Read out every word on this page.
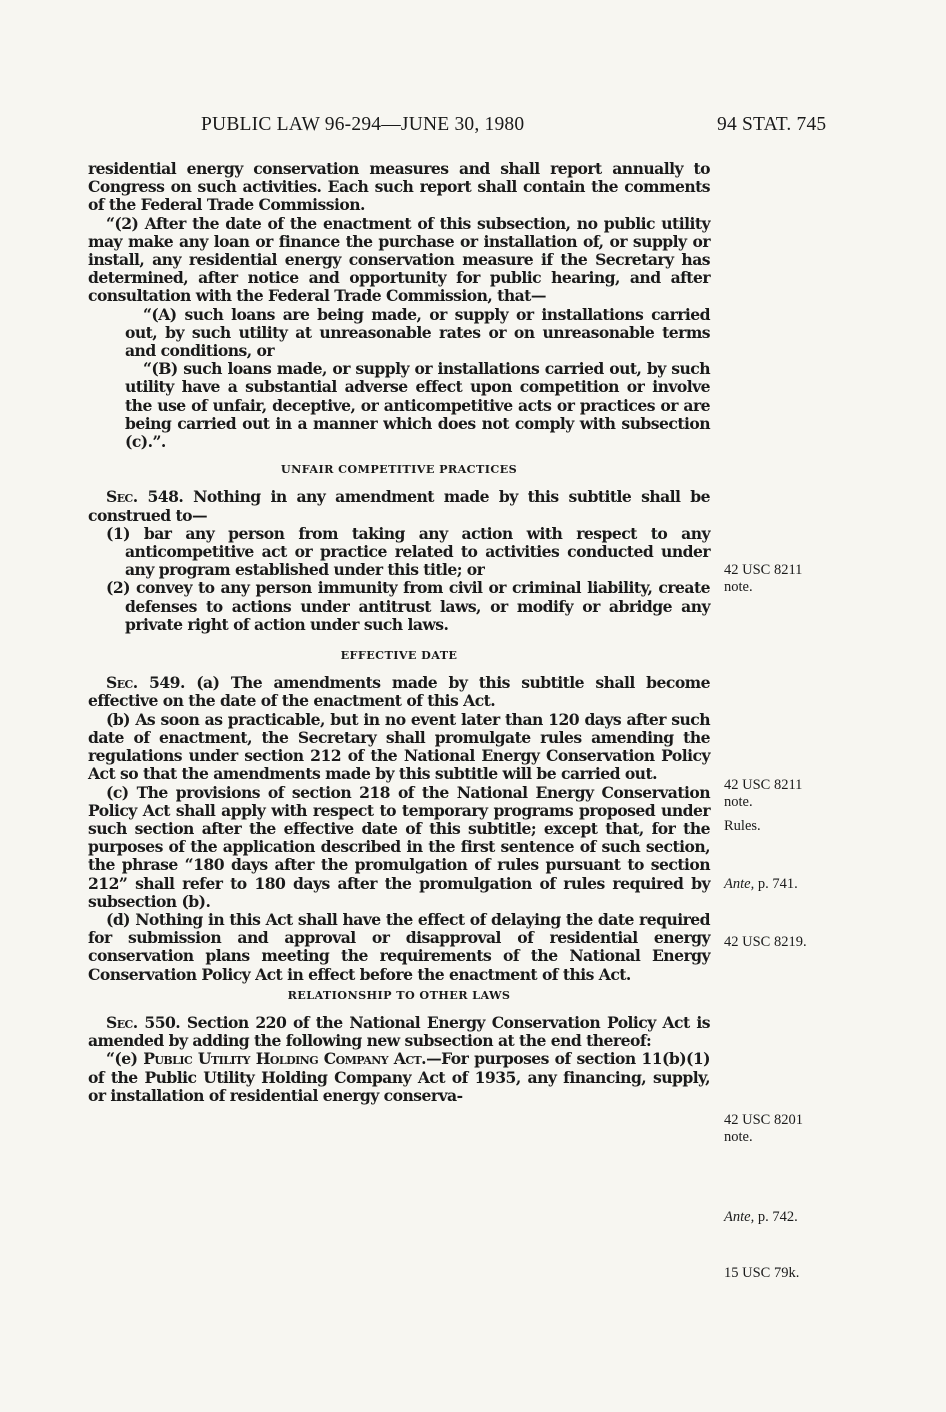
PUBLIC LAW 96-294—JUNE 30, 1980	94 STAT. 745

residential energy conservation measures and shall report annually to Congress on such activities. Each such report shall contain the comments of the Federal Trade Commission.

“(2) After the date of the enactment of this subsection, no public utility may make any loan or finance the purchase or installation of, or supply or install, any residential energy conservation measure if the Secretary has determined, after notice and opportunity for public hearing, and after consultation with the Federal Trade Commission, that—

“(A) such loans are being made, or supply or installations carried out, by such utility at unreasonable rates or on unreasonable terms and conditions, or

“(B) such loans made, or supply or installations carried out, by such utility have a substantial adverse effect upon competition or involve the use of unfair, deceptive, or anticompetitive acts or practices or are being carried out in a manner which does not comply with subsection (c).”.

UNFAIR COMPETITIVE PRACTICES

Sec. 548. Nothing in any amendment made by this subtitle shall be construed to—

(1) bar any person from taking any action with respect to any anticompetitive act or practice related to activities conducted under any program established under this title; or

(2) convey to any person immunity from civil or criminal liability, create defenses to actions under antitrust laws, or modify or abridge any private right of action under such laws.

EFFECTIVE DATE

Sec. 549. (a) The amendments made by this subtitle shall become effective on the date of the enactment of this Act.

(b) As soon as practicable, but in no event later than 120 days after such date of enactment, the Secretary shall promulgate rules amending the regulations under section 212 of the National Energy Conservation Policy Act so that the amendments made by this subtitle will be carried out.

(c) The provisions of section 218 of the National Energy Conservation Policy Act shall apply with respect to temporary programs proposed under such section after the effective date of this subtitle; except that, for the purposes of the application described in the first sentence of such section, the phrase “180 days after the promulgation of rules pursuant to section 212” shall refer to 180 days after the promulgation of rules required by subsection (b).

(d) Nothing in this Act shall have the effect of delaying the date required for submission and approval or disapproval of residential energy conservation plans meeting the requirements of the National Energy Conservation Policy Act in effect before the enactment of this Act.

RELATIONSHIP TO OTHER LAWS

Sec. 550. Section 220 of the National Energy Conservation Policy Act is amended by adding the following new subsection at the end thereof:

“(e) Public Utility Holding Company Act.—For purposes of section 11(b)(1) of the Public Utility Holding Company Act of 1935, any financing, supply, or installation of residential energy conserva-

42 USC 8211
note.
42 USC 8211
note.
Rules.
Ante, p. 741.
42 USC 8219.
42 USC 8201
note.
Ante, p. 742.
15 USC 79k.
